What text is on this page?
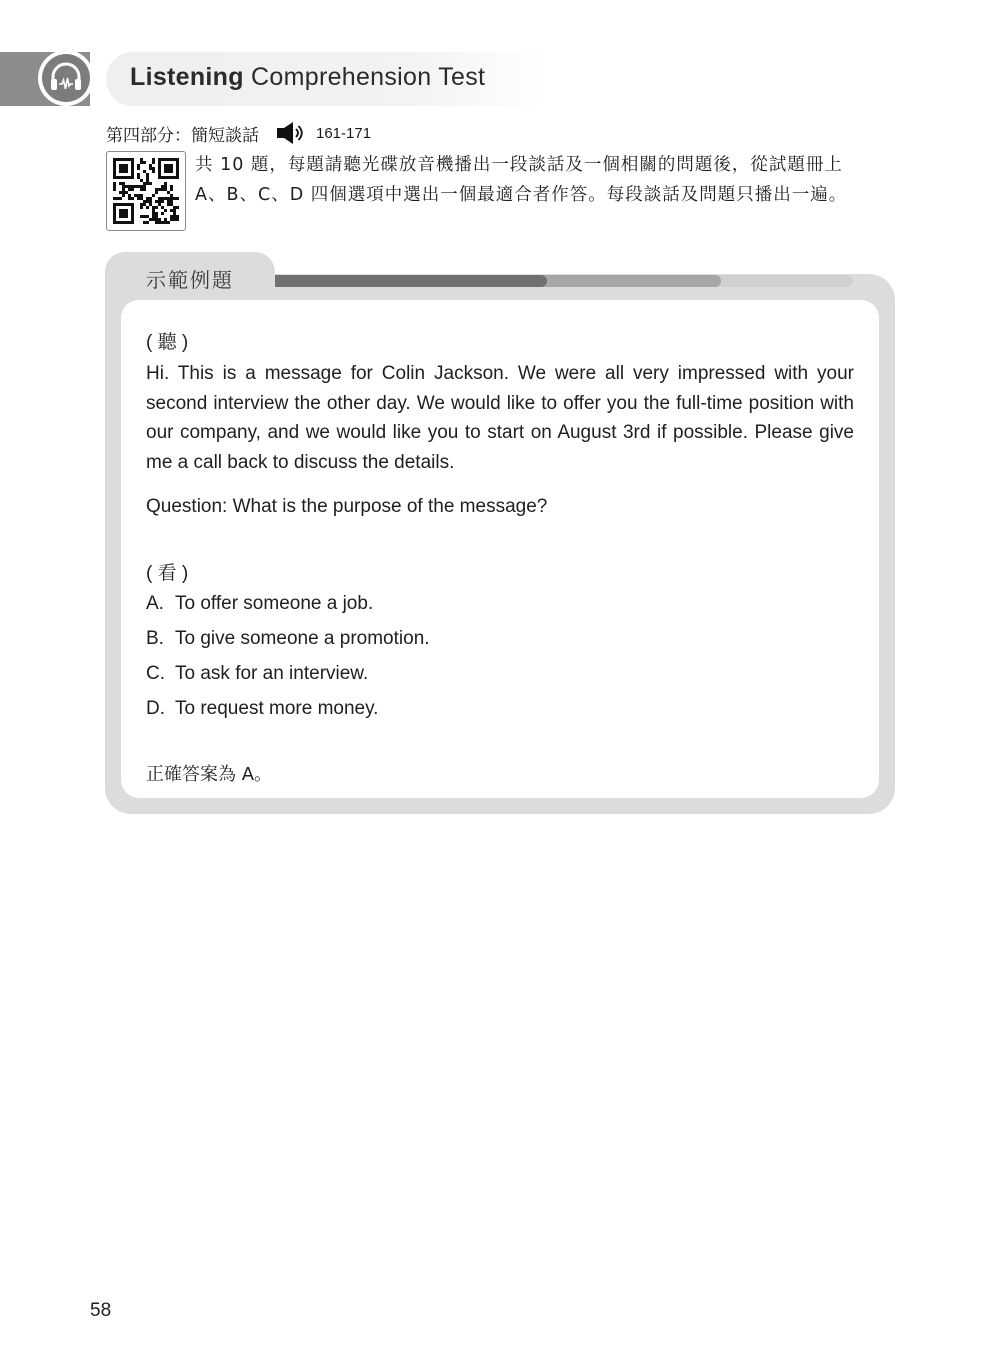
Listening Comprehension Test
第四部分：簡短談話	161-171
共 10 題，每題請聽光碟放音機播出一段談話及一個相關的問題後，從試題冊上
A、B、C、D 四個選項中選出一個最適合者作答。每段談話及問題只播出一遍。
示範例題
( 聽 )
Hi. This is a message for Colin Jackson. We were all very impressed with your second interview the other day. We would like to offer you the full-time position with our company, and we would like you to start on August 3rd if possible. Please give me a call back to discuss the details.
Question: What is the purpose of the message?
( 看 )
A. To offer someone a job.
B. To give someone a promotion.
C. To ask for an interview.
D. To request more money.
正確答案為 A。
58
